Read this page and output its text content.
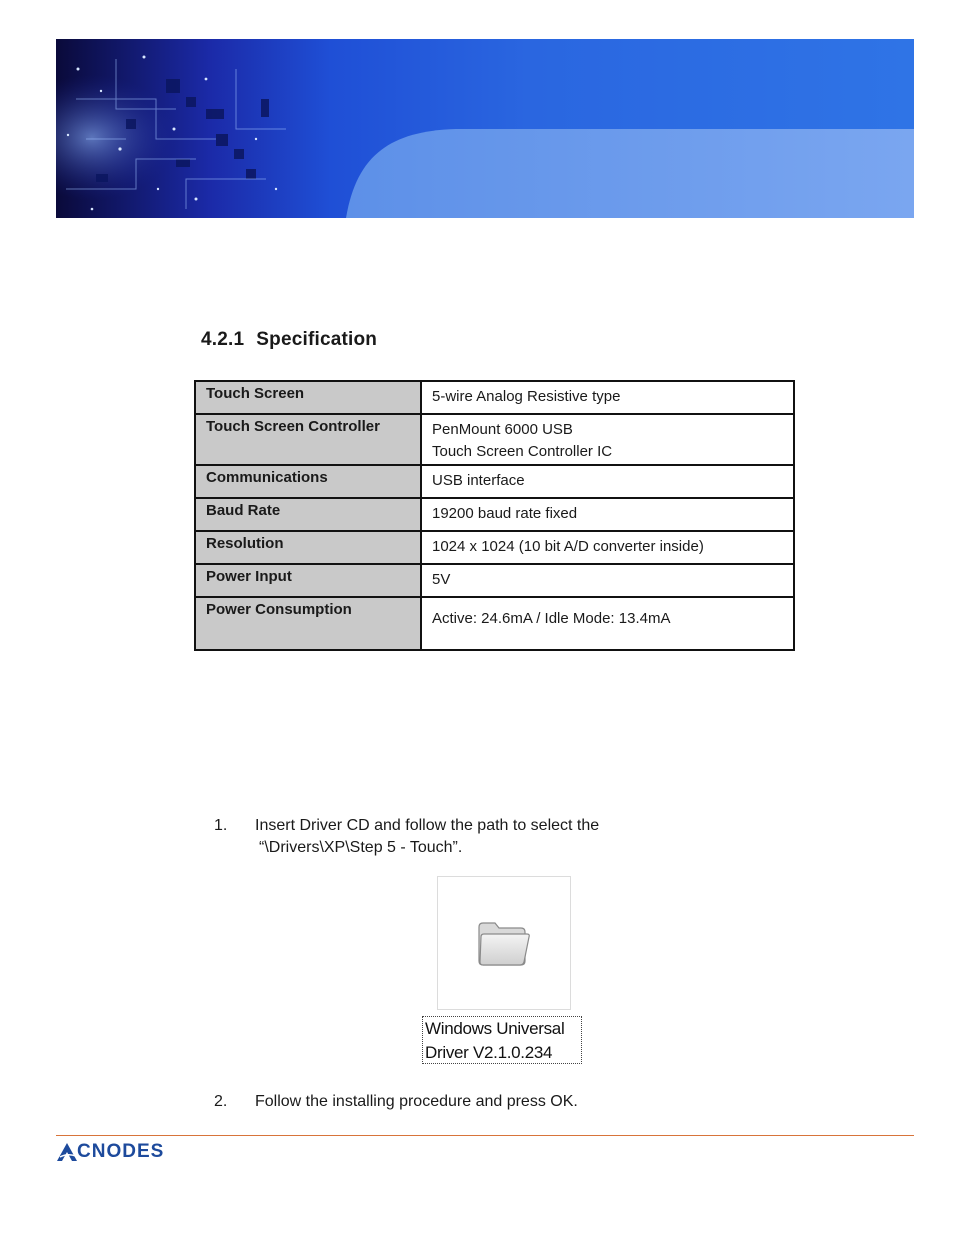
4.2.1 Specification
Touch Screen	5-wire Analog Resistive type

Touch Screen Controller	PenMount 6000 USB
Touch Screen Controller IC

Communications	USB interface

Baud Rate	19200 baud rate fixed

Resolution	1024 x 1024 (10 bit A/D converter inside)

Power Input	5V

Power Consumption	Active: 24.6mA / Idle Mode: 13.4mA
1. Insert Driver CD and follow the path to select the
“\Drivers\XP\Step 5 - Touch”.
Windows Universal
Driver V2.1.0.234
2. Follow the installing procedure and press OK.
CNODES
